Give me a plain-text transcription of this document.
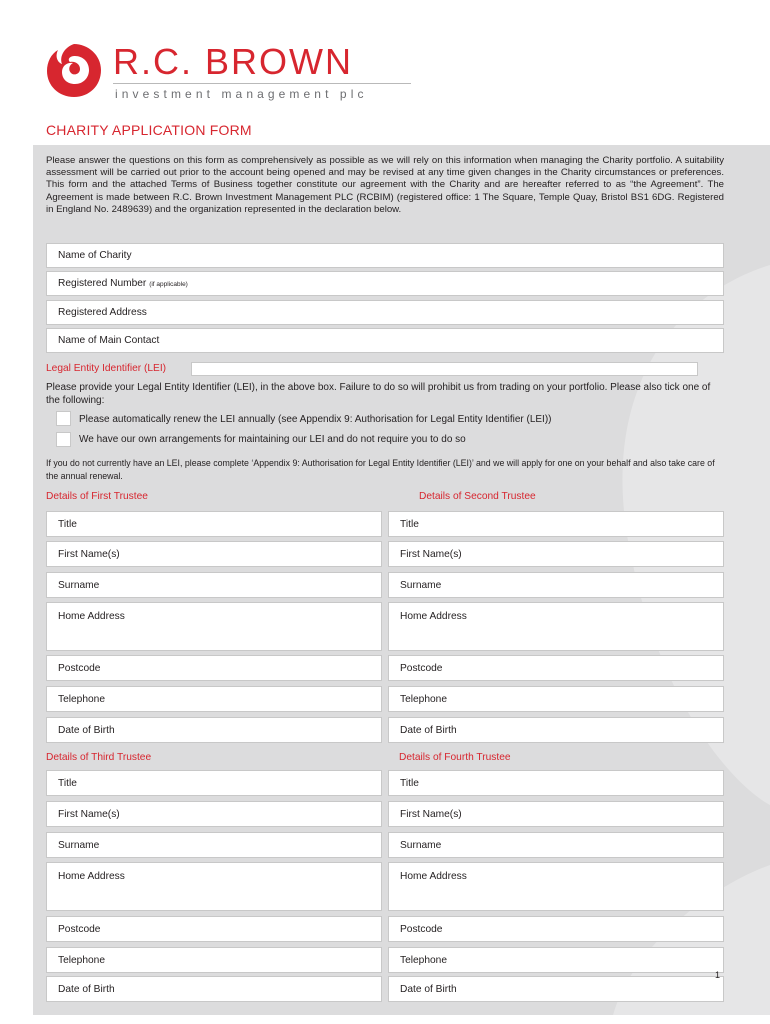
R.C. BROWN
investment management plc
CHARITY APPLICATION FORM
Please answer the questions on this form as comprehensively as possible as we will rely on this information when managing the Charity portfolio. A suitability assessment will be carried out prior to the account being opened and may be revised at any time given changes in the Charity circumstances or preferences. This form and the attached Terms of Business together constitute our agreement with the Charity and are hereafter referred to as “the Agreement”. The Agreement is made between R.C. Brown Investment Management PLC (RCBIM) (registered office: 1 The Square, Temple Quay, Bristol BS1 6DG. Registered in England No. 2489639) and the organization represented in the declaration below.
Name of Charity
Registered Number (if applicable)
Registered Address
Name of Main Contact
Legal Entity Identifier (LEI)
Please provide your Legal Entity Identifier (LEI), in the above box. Failure to do so will prohibit us from trading on your portfolio. Please also tick one of the following:
Please automatically renew the LEI annually (see Appendix 9: Authorisation for Legal Entity Identifier (LEI))
We have our own arrangements for maintaining our LEI and do not require you to do so
If you do not currently have an LEI, please complete ‘Appendix 9: Authorisation for Legal Entity Identifier (LEI)’ and we will apply for one on your behalf and also take care of the annual renewal.
Details of First Trustee	Details of Second Trustee
Title
First Name(s)
Surname
Home Address
Postcode
Telephone
Date of Birth
Title
First Name(s)
Surname
Home Address
Postcode
Telephone
Date of Birth
Details of Third Trustee	Details of Fourth Trustee
Title
First Name(s)
Surname
Home Address
Postcode
Telephone
Date of Birth
Title
First Name(s)
Surname
Home Address
Postcode
Telephone
Date of Birth
1
